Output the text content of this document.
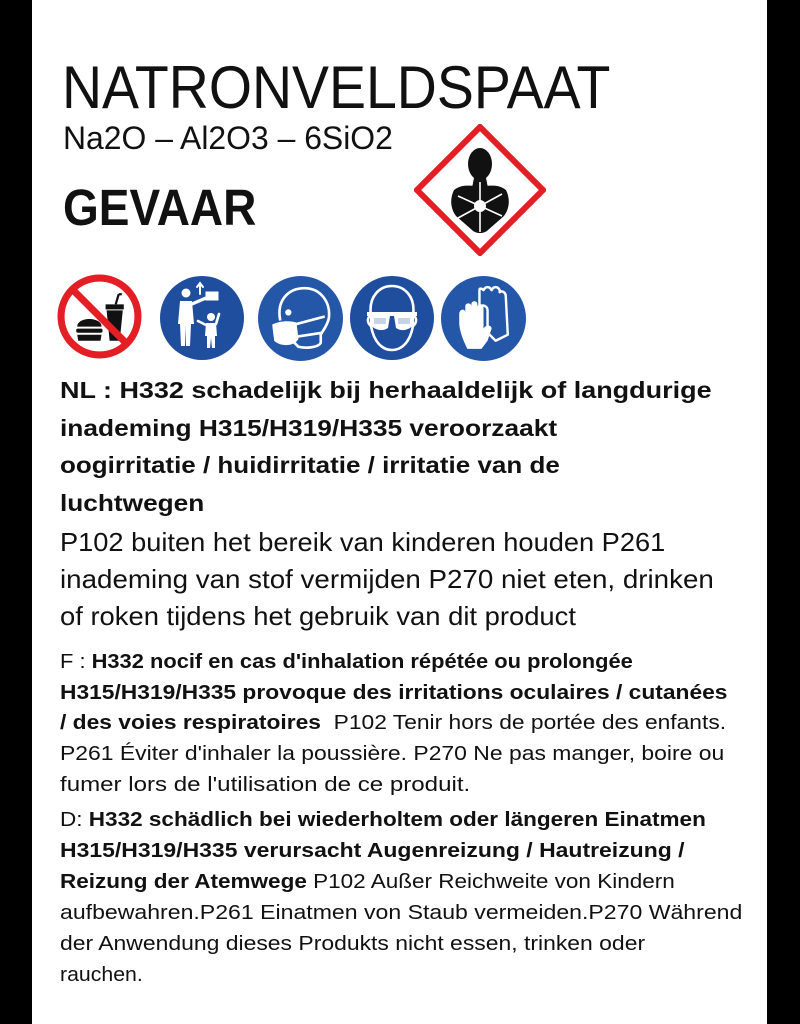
NATRONVELDSPAAT
Na2O – Al2O3 – 6SiO2
GEVAAR
NL : H332 schadelijk bij herhaaldelijk of langdurige
inademing H315/H319/H335 veroorzaakt
oogirritatie / huidirritatie / irritatie van de
luchtwegen
P102 buiten het bereik van kinderen houden P261
inademing van stof vermijden P270 niet eten, drinken
of roken tijdens het gebruik van dit product
F : H332 nocif en cas d'inhalation répétée ou prolongée
H315/H319/H335 provoque des irritations oculaires / cutanées
/ des voies respiratoires  P102 Tenir hors de portée des enfants.
P261 Éviter d'inhaler la poussière. P270 Ne pas manger, boire ou
fumer lors de l'utilisation de ce produit.
D: H332 schädlich bei wiederholtem oder längeren Einatmen
H315/H319/H335 verursacht Augenreizung / Hautreizung /
Reizung der Atemwege P102 Außer Reichweite von Kindern
aufbewahren.P261 Einatmen von Staub vermeiden.P270 Während
der Anwendung dieses Produkts nicht essen, trinken oder
rauchen.
